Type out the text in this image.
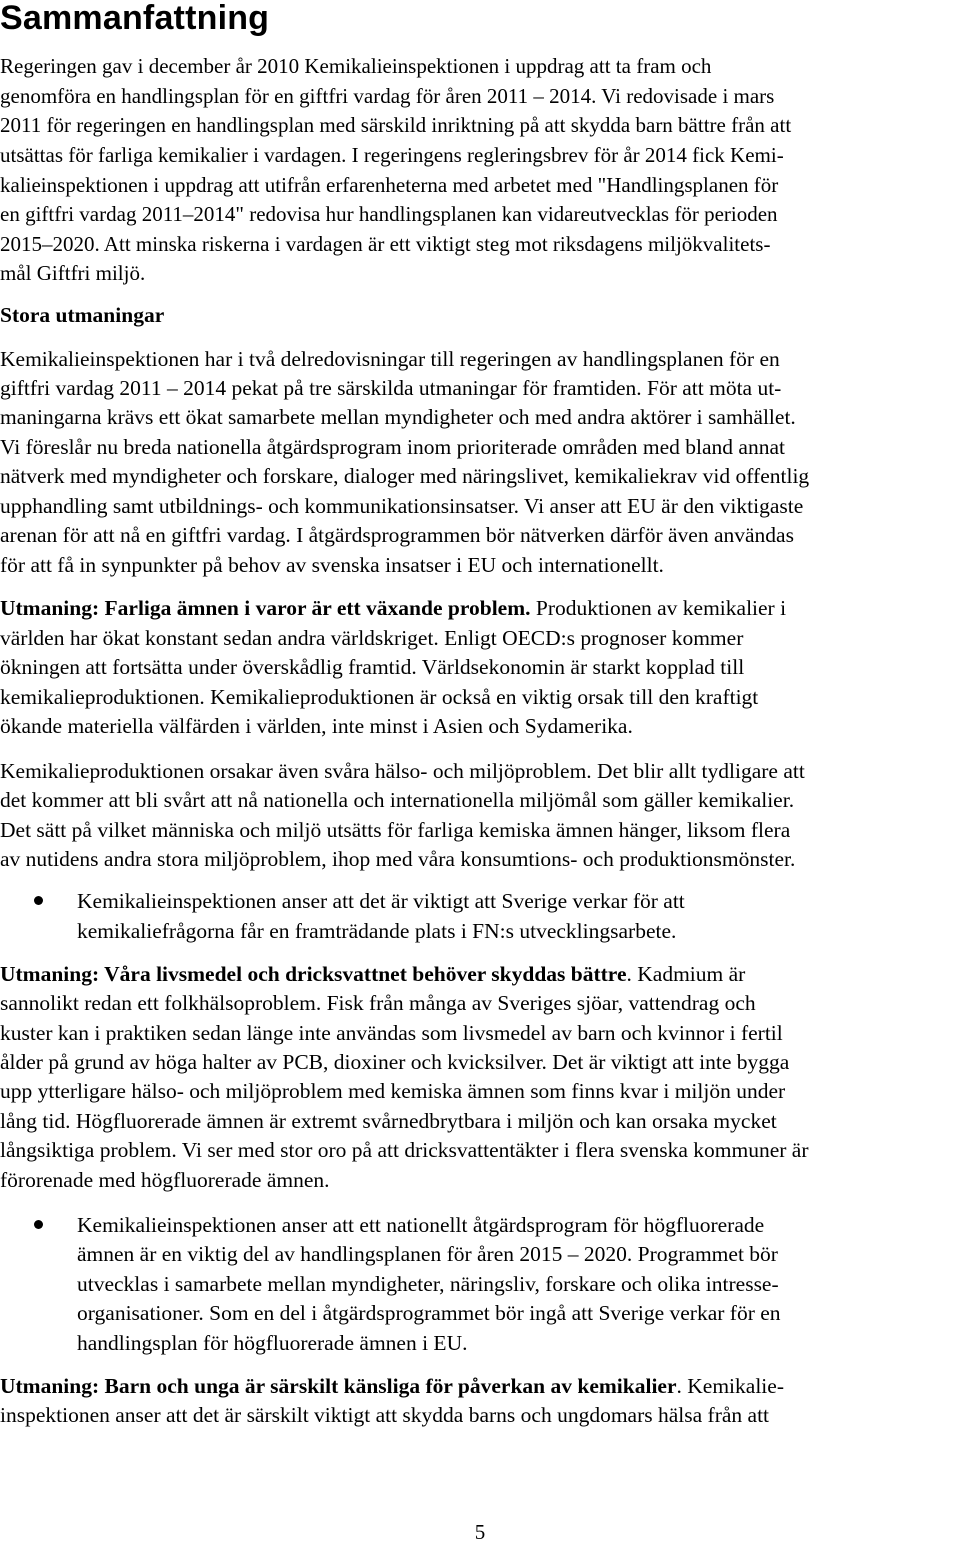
Sammanfattning
Regeringen gav i december år 2010 Kemikalieinspektionen i uppdrag att ta fram och
genomföra en handlingsplan för en giftfri vardag för åren 2011 – 2014. Vi redovisade i mars
2011 för regeringen en handlingsplan med särskild inriktning på att skydda barn bättre från att
utsättas för farliga kemikalier i vardagen. I regeringens regleringsbrev för år 2014 fick Kemi-
kalieinspektionen i uppdrag att utifrån erfarenheterna med arbetet med "Handlingsplanen för
en giftfri vardag 2011–2014" redovisa hur handlingsplanen kan vidareutvecklas för perioden
2015–2020. Att minska riskerna i vardagen är ett viktigt steg mot riksdagens miljökvalitets-
mål Giftfri miljö.
Stora utmaningar
Kemikalieinspektionen har i två delredovisningar till regeringen av handlingsplanen för en
giftfri vardag 2011 – 2014 pekat på tre särskilda utmaningar för framtiden. För att möta ut-
maningarna krävs ett ökat samarbete mellan myndigheter och med andra aktörer i samhället.
Vi föreslår nu breda nationella åtgärdsprogram inom prioriterade områden med bland annat
nätverk med myndigheter och forskare, dialoger med näringslivet, kemikaliekrav vid offentlig
upphandling samt utbildnings- och kommunikationsinsatser. Vi anser att EU är den viktigaste
arenan för att nå en giftfri vardag. I åtgärdsprogrammen bör nätverken därför även användas
för att få in synpunkter på behov av svenska insatser i EU och internationellt.
Utmaning: Farliga ämnen i varor är ett växande problem. Produktionen av kemikalier i
världen har ökat konstant sedan andra världskriget. Enligt OECD:s prognoser kommer
ökningen att fortsätta under överskådlig framtid. Världsekonomin är starkt kopplad till
kemikalieproduktionen. Kemikalieproduktionen är också en viktig orsak till den kraftigt
ökande materiella välfärden i världen, inte minst i Asien och Sydamerika.
Kemikalieproduktionen orsakar även svåra hälso- och miljöproblem. Det blir allt tydligare att
det kommer att bli svårt att nå nationella och internationella miljömål som gäller kemikalier.
Det sätt på vilket människa och miljö utsätts för farliga kemiska ämnen hänger, liksom flera
av nutidens andra stora miljöproblem, ihop med våra konsumtions- och produktionsmönster.
Kemikalieinspektionen anser att det är viktigt att Sverige verkar för att
kemikaliefrågorna får en framträdande plats i FN:s utvecklingsarbete.
Utmaning: Våra livsmedel och dricksvattnet behöver skyddas bättre. Kadmium är
sannolikt redan ett folkhälsoproblem. Fisk från många av Sveriges sjöar, vattendrag och
kuster kan i praktiken sedan länge inte användas som livsmedel av barn och kvinnor i fertil
ålder på grund av höga halter av PCB, dioxiner och kvicksilver. Det är viktigt att inte bygga
upp ytterligare hälso- och miljöproblem med kemiska ämnen som finns kvar i miljön under
lång tid. Högfluorerade ämnen är extremt svårnedbrytbara i miljön och kan orsaka mycket
långsiktiga problem. Vi ser med stor oro på att dricksvattentäkter i flera svenska kommuner är
förorenade med högfluorerade ämnen.
Kemikalieinspektionen anser att ett nationellt åtgärdsprogram för högfluorerade
ämnen är en viktig del av handlingsplanen för åren 2015 – 2020. Programmet bör
utvecklas i samarbete mellan myndigheter, näringsliv, forskare och olika intresse-
organisationer. Som en del i åtgärdsprogrammet bör ingå att Sverige verkar för en
handlingsplan för högfluorerade ämnen i EU.
Utmaning: Barn och unga är särskilt känsliga för påverkan av kemikalier. Kemikalie-
inspektionen anser att det är särskilt viktigt att skydda barns och ungdomars hälsa från att
5
